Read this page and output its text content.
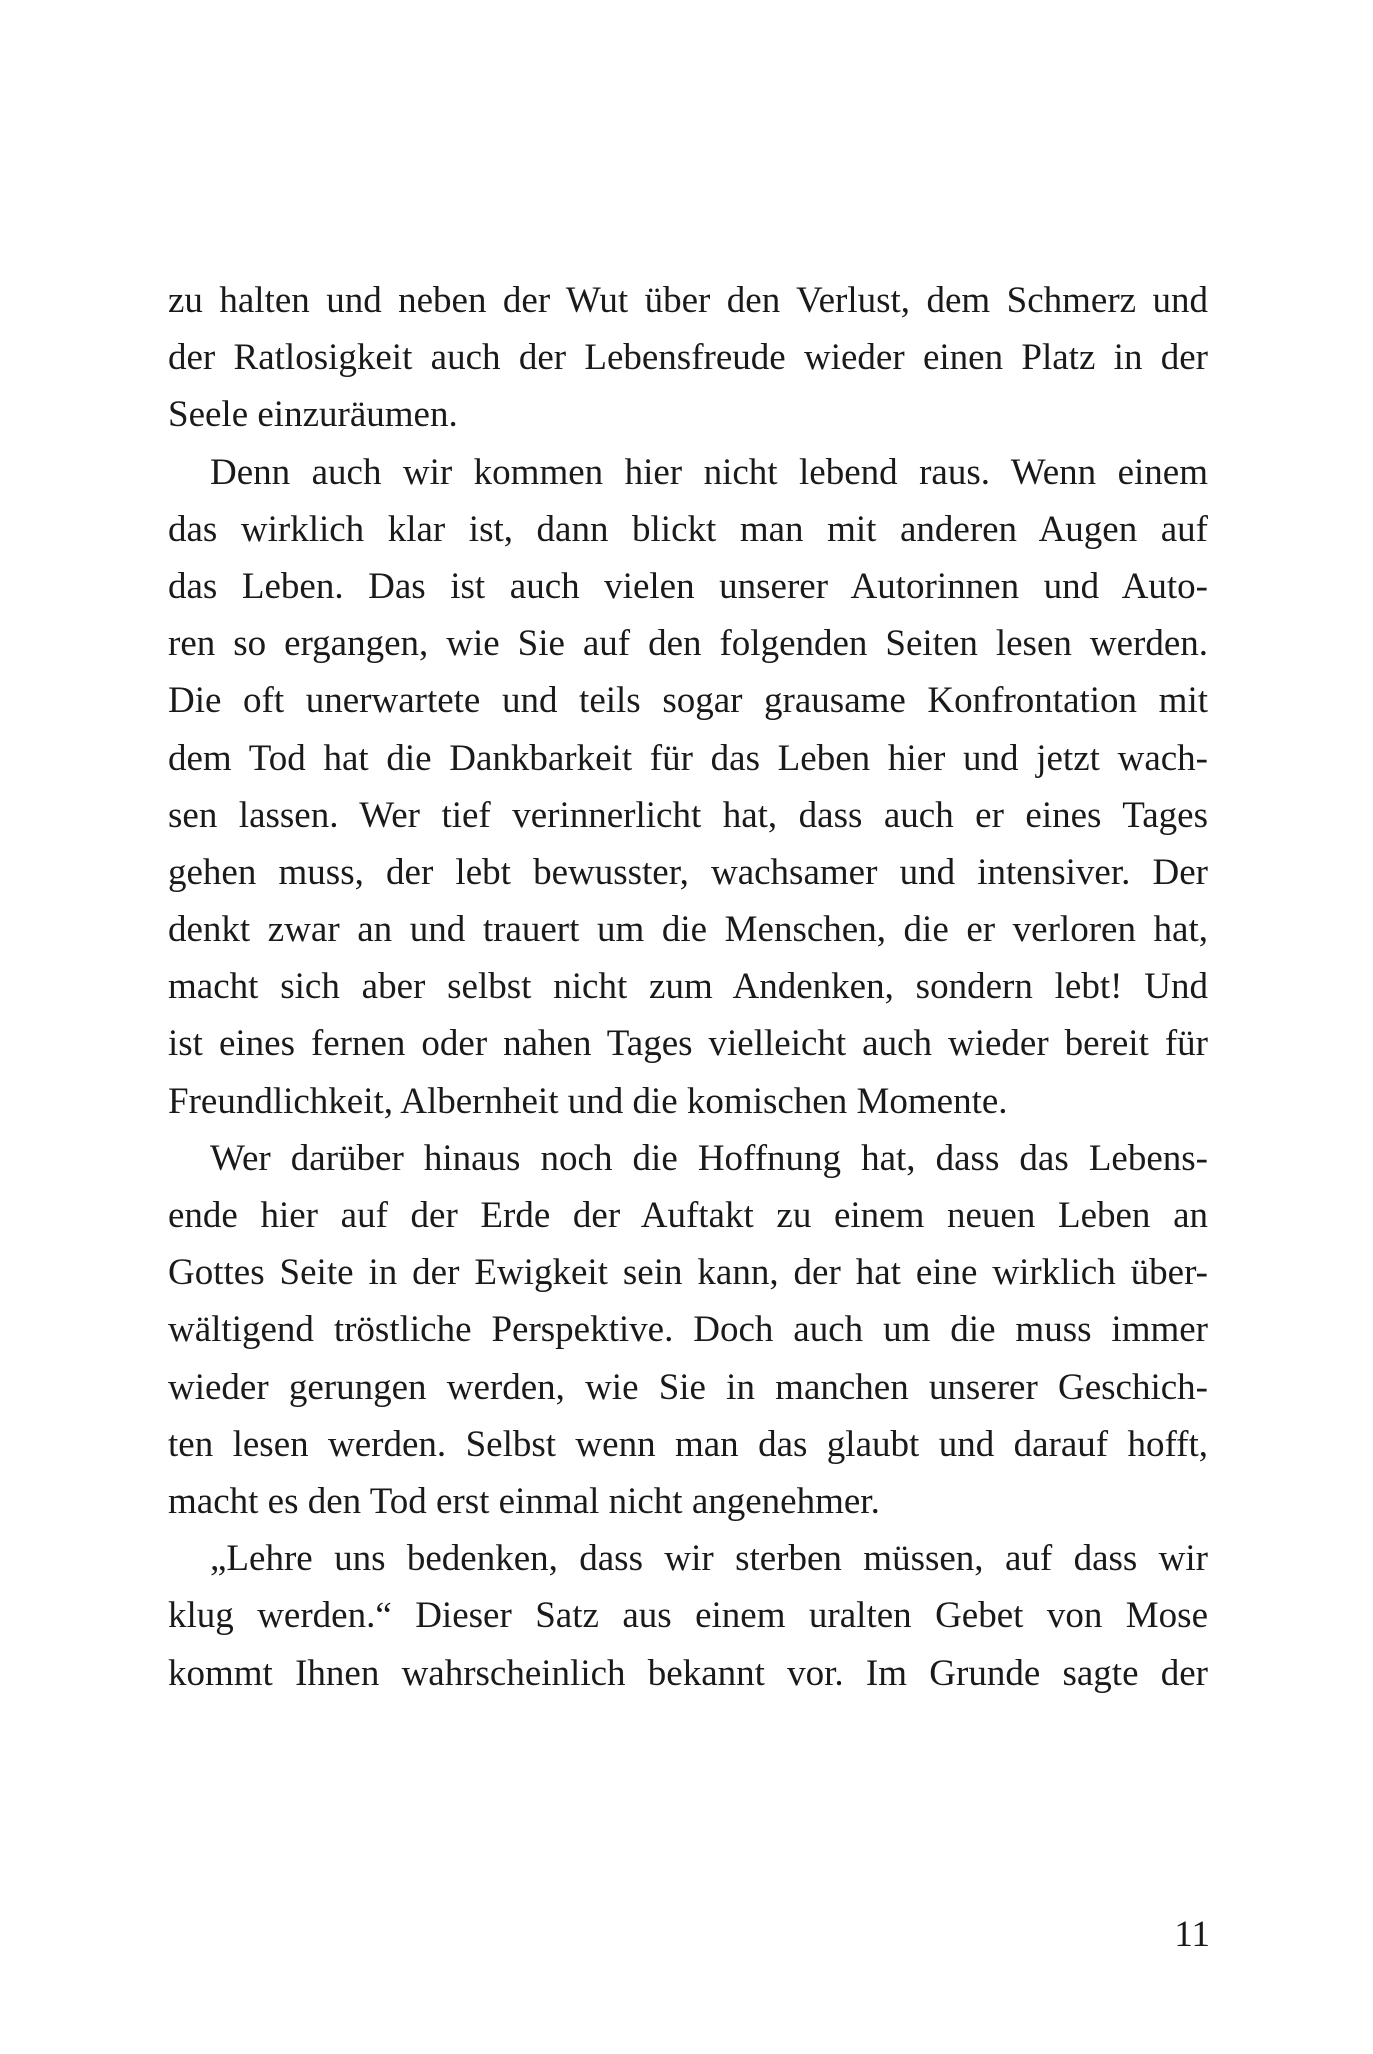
zu halten und neben der Wut über den Verlust, dem Schmerz und
der Ratlosigkeit auch der Lebensfreude wieder einen Platz in der
Seele einzuräumen.
Denn auch wir kommen hier nicht lebend raus. Wenn einem
das wirklich klar ist, dann blickt man mit anderen Augen auf
das Leben. Das ist auch vielen unserer Autorinnen und Auto-
ren so ergangen, wie Sie auf den folgenden Seiten lesen werden.
Die oft unerwartete und teils sogar grausame Konfrontation mit
dem Tod hat die Dankbarkeit für das Leben hier und jetzt wach-
sen lassen. Wer tief verinnerlicht hat, dass auch er eines Tages
gehen muss, der lebt bewusster, wachsamer und intensiver. Der
denkt zwar an und trauert um die Menschen, die er verloren hat,
macht sich aber selbst nicht zum Andenken, sondern lebt! Und
ist eines fernen oder nahen Tages vielleicht auch wieder bereit für
Freundlichkeit, Albernheit und die komischen Momente.
Wer darüber hinaus noch die Hoffnung hat, dass das Lebens-
ende hier auf der Erde der Auftakt zu einem neuen Leben an
Gottes Seite in der Ewigkeit sein kann, der hat eine wirklich über-
wältigend tröstliche Perspektive. Doch auch um die muss immer
wieder gerungen werden, wie Sie in manchen unserer Geschich-
ten lesen werden. Selbst wenn man das glaubt und darauf hofft,
macht es den Tod erst einmal nicht angenehmer.
„Lehre uns bedenken, dass wir sterben müssen, auf dass wir
klug werden.“ Dieser Satz aus einem uralten Gebet von Mose
kommt Ihnen wahrscheinlich bekannt vor. Im Grunde sagte der
11
